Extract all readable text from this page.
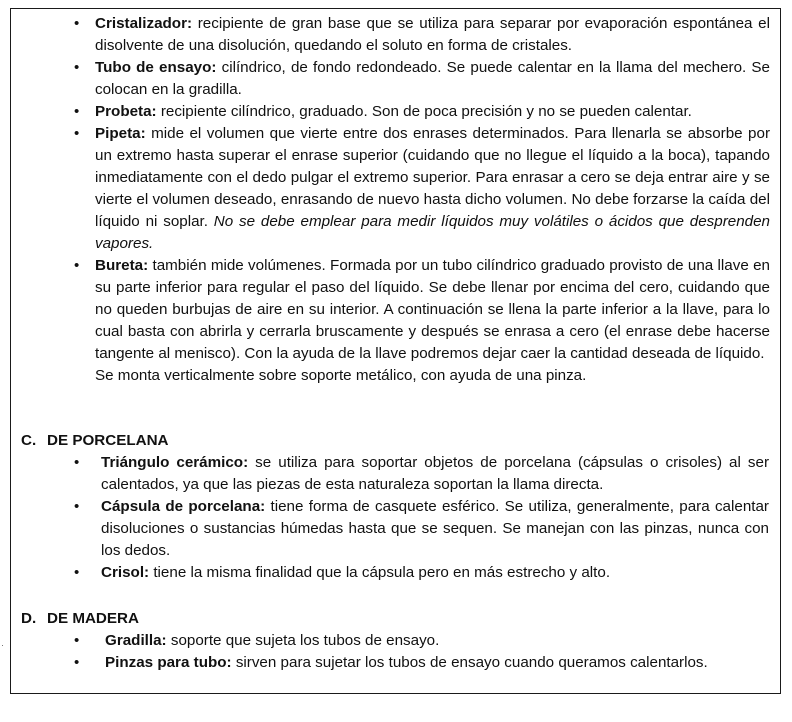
• Cristalizador: recipiente de gran base que se utiliza para separar por evaporación espontánea el disolvente de una disolución, quedando el soluto en forma de cristales.
• Tubo de ensayo: cilíndrico, de fondo redondeado. Se puede calentar en la llama del mechero. Se colocan en la gradilla.
• Probeta: recipiente cilíndrico, graduado. Son de poca precisión y no se pueden calentar.
• Pipeta: mide el volumen que vierte entre dos enrases determinados. Para llenarla se absorbe por un extremo hasta superar el enrase superior (cuidando que no llegue el líquido a la boca), tapando inmediatamente con el dedo pulgar el extremo superior. Para enrasar a cero se deja entrar aire y se vierte el volumen deseado, enrasando de nuevo hasta dicho volumen. No debe forzarse la caída del líquido ni soplar. No se debe emplear para medir líquidos muy volátiles o ácidos que desprenden vapores.
• Bureta: también mide volúmenes. Formada por un tubo cilíndrico graduado provisto de una llave en su parte inferior para regular el paso del líquido. Se debe llenar por encima del cero, cuidando que no queden burbujas de aire en su interior. A continuación se llena la parte inferior a la llave, para lo cual basta con abrirla y cerrarla bruscamente y después se enrasa a cero (el enrase debe hacerse tangente al menisco). Con la ayuda de la llave podremos dejar caer la cantidad deseada de líquido.
Se monta verticalmente sobre soporte metálico, con ayuda de una pinza.
C. DE PORCELANA
• Triángulo cerámico: se utiliza para soportar objetos de porcelana (cápsulas o crisoles) al ser calentados, ya que las piezas de esta naturaleza soportan la llama directa.
• Cápsula de porcelana: tiene forma de casquete esférico. Se utiliza, generalmente, para calentar disoluciones o sustancias húmedas hasta que se sequen. Se manejan con las pinzas, nunca con los dedos.
• Crisol: tiene la misma finalidad que la cápsula pero en más estrecho y alto.
D. DE MADERA
• Gradilla: soporte que sujeta los tubos de ensayo.
• Pinzas para tubo: sirven para sujetar los tubos de ensayo cuando queramos calentarlos.
